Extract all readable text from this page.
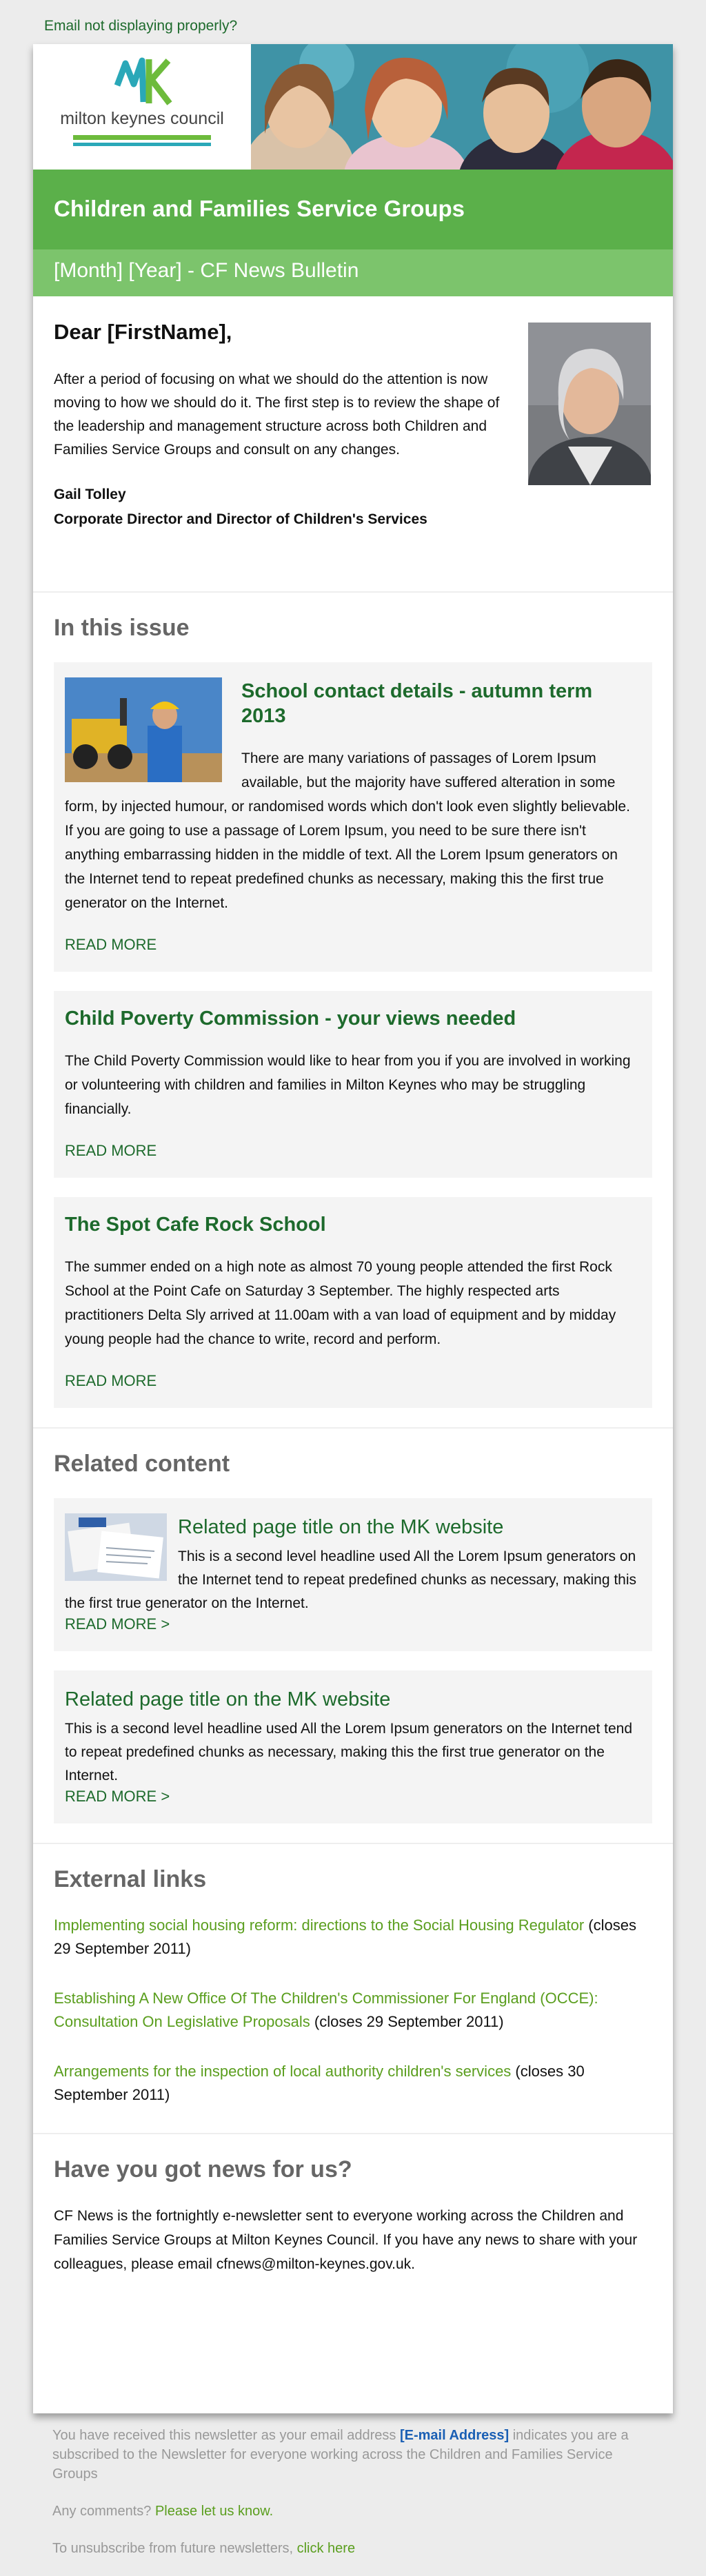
Email not displaying properly?
milton keynes council
Children and Families Service Groups
[Month] [Year] - CF News Bulletin

Dear [FirstName],

After a period of focusing on what we should do the attention is now moving to how we should do it. The first step is to review the shape of the leadership and management structure across both Children and Families Service Groups and consult on any changes.
Gail Tolley
Corporate Director and Director of Children's Services
In this issue
School contact details - autumn term 2013

There are many variations of passages of Lorem Ipsum available, but the majority have suffered alteration in some form, by injected humour, or randomised words which don't look even slightly believable. If you are going to use a passage of Lorem Ipsum, you need to be sure there isn't anything embarrassing hidden in the middle of text. All the Lorem Ipsum generators on the Internet tend to repeat predefined chunks as necessary, making this the first true generator on the Internet.

READ MORE
Child Poverty Commission - your views needed

The Child Poverty Commission would like to hear from you if you are involved in working or volunteering with children and families in Milton Keynes who may be struggling financially.

READ MORE
The Spot Cafe Rock School

The summer ended on a high note as almost 70 young people attended the first Rock School at the Point Cafe on Saturday 3 September. The highly respected arts practitioners Delta Sly arrived at 11.00am with a van load of equipment and by midday young people had the chance to write, record and perform.

READ MORE
Related content
Related page title on the MK website

This is a second level headline used All the Lorem Ipsum generators on the Internet tend to repeat predefined chunks as necessary, making this the first true generator on the Internet.

READ MORE >
Related page title on the MK website

This is a second level headline used All the Lorem Ipsum generators on the Internet tend to repeat predefined chunks as necessary, making this the first true generator on the Internet.

READ MORE >
External links

Implementing social housing reform: directions to the Social Housing Regulator (closes 29 September 2011)

Establishing A New Office Of The Children's Commissioner For England (OCCE): Consultation On Legislative Proposals (closes 29 September 2011)

Arrangements for the inspection of local authority children's services (closes 30 September 2011)

Have you got news for us?

CF News is the fortnightly e-newsletter sent to everyone working across the Children and Families Service Groups at Milton Keynes Council. If you have any news to share with your colleagues, please email cfnews@milton-keynes.gov.uk.

You have received this newsletter as your email address [E-mail Address] indicates you are a subscribed to the Newsletter for everyone working across the Children and Families Service Groups

Any comments? Please let us know.

To unsubscribe from future newsletters, click here
